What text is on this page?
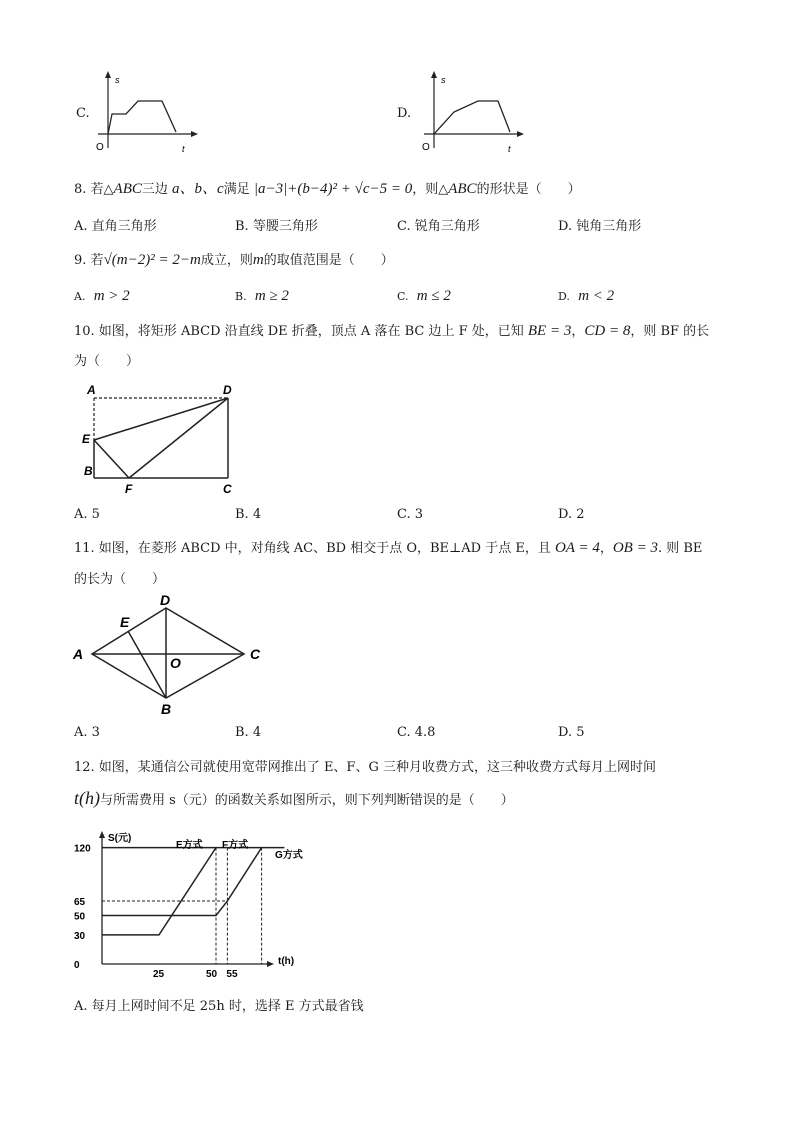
C.
s
t
O
D.
s
t
O
8. 若△ABC三边 a、b、c满足 |a−3|+(b−4)² + √c−5 = 0，则△ABC的形状是（　　）
A. 直角三角形	B. 等腰三角形	C. 锐角三角形	D. 钝角三角形
9. 若√(m−2)² = 2−m成立，则m的取值范围是（　　）
A. m > 2	B. m ≥ 2	C. m ≤ 2	D. m < 2
10. 如图，将矩形 ABCD 沿直线 DE 折叠，顶点 A 落在 BC 边上 F 处，已知 BE = 3，CD = 8，则 BF 的长
为（　　）
A	D
E
B
F	C
A. 5	B. 4	C. 3	D. 2
11. 如图，在菱形 ABCD 中，对角线 AC、BD 相交于点 O，BE⊥AD 于点 E，且 OA = 4，OB = 3. 则 BE
的长为（　　）
A
D
C
B
E
O
A. 3	B. 4	C. 4.8	D. 5
12. 如图，某通信公司就使用宽带网推出了 E、F、G 三种月收费方式，这三种收费方式每月上网时间
t(h)与所需费用 s（元）的函数关系如图所示，则下列判断错误的是（　　）
S(元)
t(h)
0
30
50
65
120
25	50 55
E方式 F方式
G方式
A. 每月上网时间不足 25h 时，选择 E 方式最省钱
